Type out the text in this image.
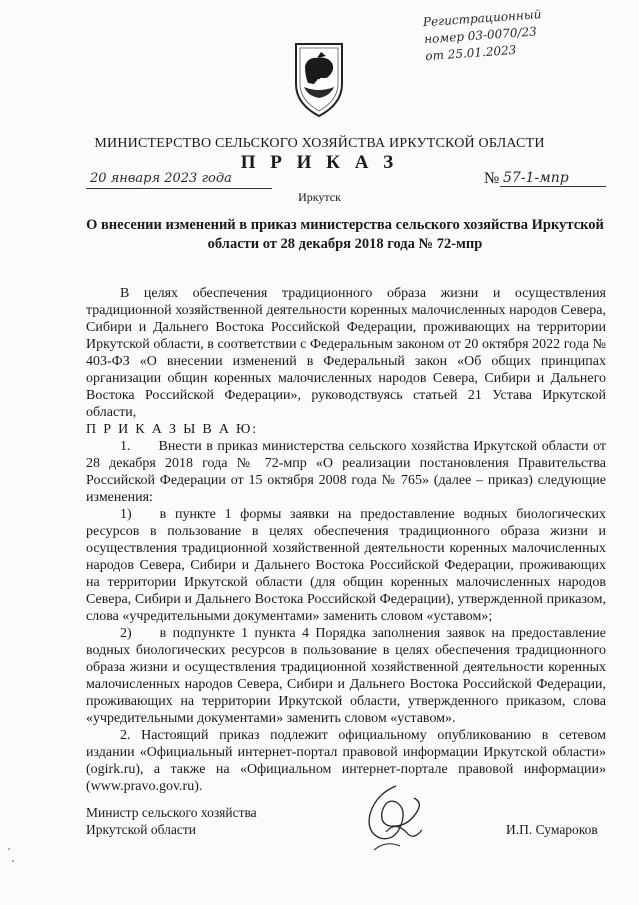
Регистрационный
номер 03-0070/23
от 25.01.2023
МИНИСТЕРСТВО СЕЛЬСКОГО ХОЗЯЙСТВА ИРКУТСКОЙ ОБЛАСТИ
П Р И К А З
20 января 2023 года
Иркутск
№ 57-1-мпр
О внесении изменений в приказ министерства сельского хозяйства Иркутской области от 28 декабря 2018 года № 72-мпр

В целях обеспечения традиционного образа жизни и осуществления традиционной хозяйственной деятельности коренных малочисленных народов Севера, Сибири и Дальнего Востока Российской Федерации, проживающих на территории Иркутской области, в соответствии с Федеральным законом от 20 октября 2022 года № 403-ФЗ «О внесении изменений в Федеральный закон «Об общих принципах организации общин коренных малочисленных народов Севера, Сибири и Дальнего Востока Российской Федерации», руководствуясь статьей 21 Устава Иркутской области,

П Р И К А З Ы В А Ю:

1.  Внести в приказ министерства сельского хозяйства Иркутской области от 28 декабря 2018 года № 72-мпр «О реализации постановления Правительства Российской Федерации от 15 октября 2008 года № 765» (далее – приказ) следующие изменения:

1)  в пункте 1 формы заявки на предоставление водных биологических ресурсов в пользование в целях обеспечения традиционного образа жизни и осуществления традиционной хозяйственной деятельности коренных малочисленных народов Севера, Сибири и Дальнего Востока Российской Федерации, проживающих на территории Иркутской области (для общин коренных малочисленных народов Севера, Сибири и Дальнего Востока Российской Федерации), утвержденной приказом, слова «учредительными документами» заменить словом «уставом»;

2)  в подпункте 1 пункта 4 Порядка заполнения заявок на предоставление водных биологических ресурсов в пользование в целях обеспечения традиционного образа жизни и осуществления традиционной хозяйственной деятельности коренных малочисленных народов Севера, Сибири и Дальнего Востока Российской Федерации, проживающих на территории Иркутской области, утвержденного приказом, слова «учредительными документами» заменить словом «уставом».

2. Настоящий приказ подлежит официальному опубликованию в сетевом издании «Официальный интернет-портал правовой информации Иркутской области» (ogirk.ru), а также на «Официальном интернет-портале правовой информации» (www.pravo.gov.ru).

Министр сельского хозяйства
Иркутской области	И.П. Сумароков
